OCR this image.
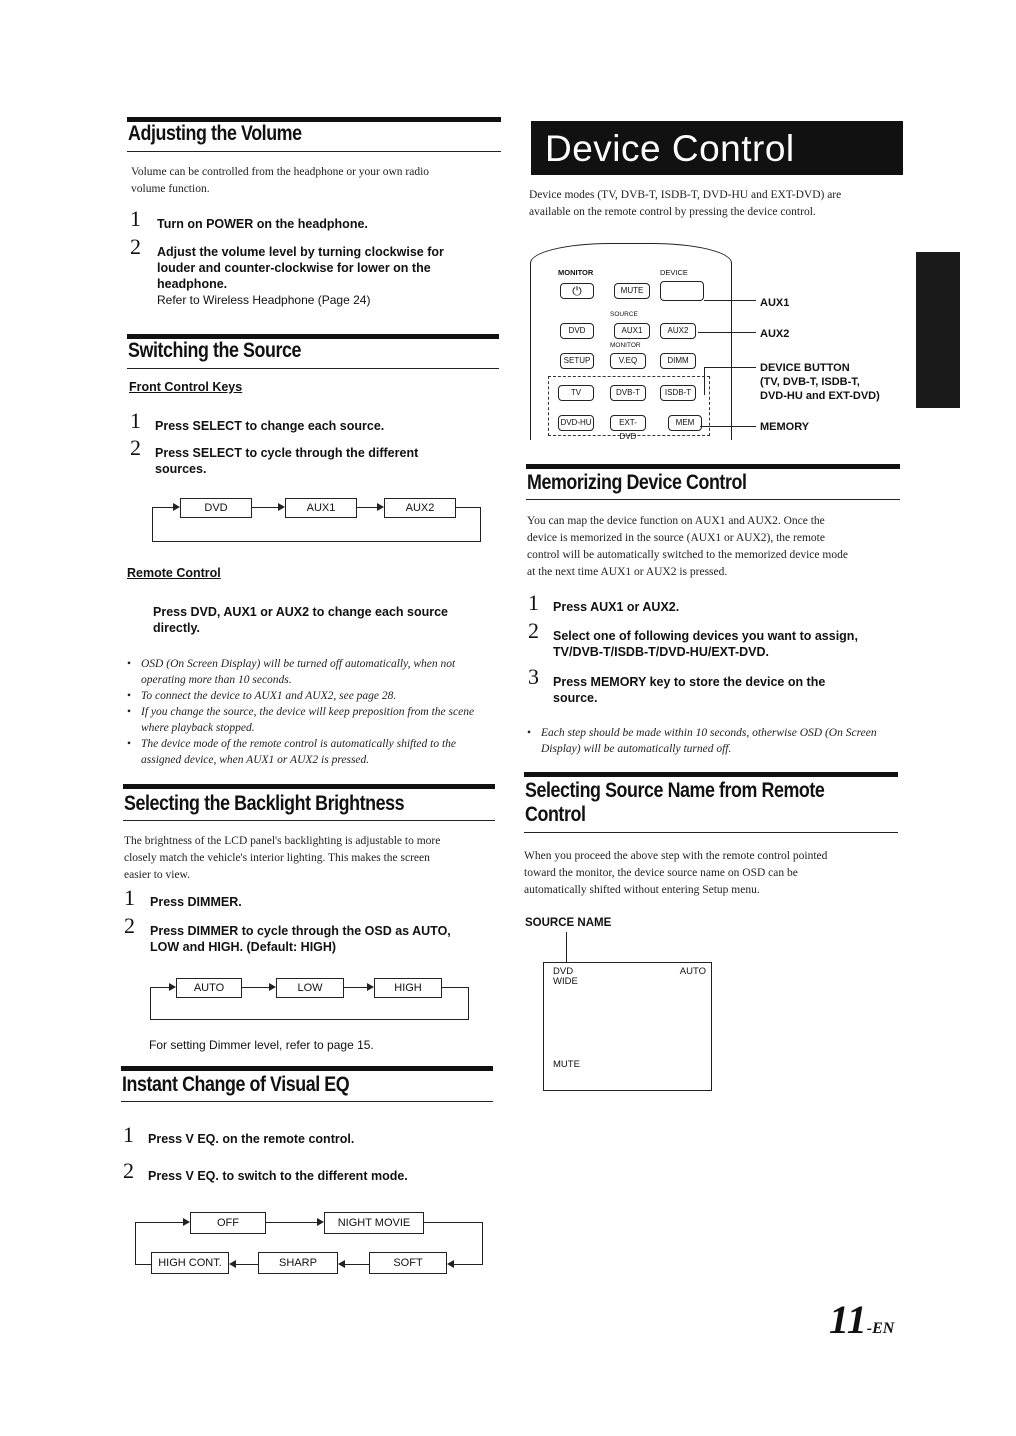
Adjusting the Volume
Volume can be controlled from the headphone or your own radio
volume function.
1 Turn on POWER on the headphone.
2 Adjust the volume level by turning clockwise for
louder and counter-clockwise for lower on the
headphone.
Refer to Wireless Headphone (Page 24)
Switching the Source
Front Control Keys
1 Press SELECT to change each source.
2 Press SELECT to cycle through the different
sources.
DVD	AUX1	AUX2
Remote Control
Press DVD, AUX1 or AUX2 to change each source
directly.
• OSD (On Screen Display) will be turned off automatically, when not operating more than 10 seconds.
• To connect the device to AUX1 and AUX2, see page 28.
• If you change the source, the device will keep preposition from the scene where playback stopped.
• The device mode of the remote control is automatically shifted to the assigned device, when AUX1 or AUX2 is pressed.
Selecting the Backlight Brightness
The brightness of the LCD panel's backlighting is adjustable to more
closely match the vehicle's interior lighting. This makes the screen
easier to view.
1 Press DIMMER.
2 Press DIMMER to cycle through the OSD as AUTO,
LOW and HIGH. (Default: HIGH)
AUTO	LOW	HIGH
For setting Dimmer level, refer to page 15.
Instant Change of Visual EQ
1 Press V EQ. on the remote control.
2 Press V EQ. to switch to the different mode.
OFF	NIGHT MOVIE
HIGH CONT.	SHARP	SOFT
Device Control
Device modes (TV, DVB-T, ISDB-T, DVD-HU and EXT-DVD) are
available on the remote control by pressing the device control.
MONITOR	DEVICE
⏻	MUTE
SOURCE
DVD	AUX1	AUX2
MONITOR
SETUP	V.EQ	DIMM
TV	DVB-T	ISDB-T
DVD-HU	EXT-DVD
MEM
AUX1
AUX2
DEVICE BUTTON
(TV, DVB-T, ISDB-T,
DVD-HU and EXT-DVD)
MEMORY
Memorizing Device Control
You can map the device function on AUX1 and AUX2. Once the
device is memorized in the source (AUX1 or AUX2), the remote
control will be automatically switched to the memorized device mode
at the next time AUX1 or AUX2 is pressed.
1 Press AUX1 or AUX2.
2 Select one of following devices you want to assign,
TV/DVB-T/ISDB-T/DVD-HU/EXT-DVD.
3 Press MEMORY key to store the device on the
source.
• Each step should be made within 10 seconds, otherwise OSD (On Screen Display) will be automatically turned off.
Selecting Source Name from Remote
Control
When you proceed the above step with the remote control pointed
toward the monitor, the device source name on OSD can be
automatically shifted without entering Setup menu.
SOURCE NAME
DVD
WIDE
AUTO
MUTE
11-EN
